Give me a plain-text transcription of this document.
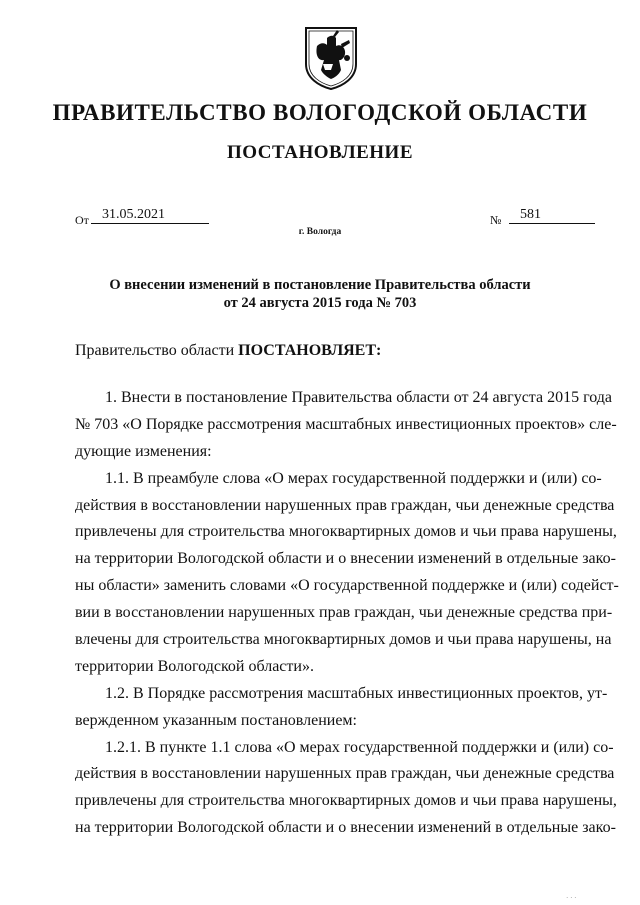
ПРАВИТЕЛЬСТВО ВОЛОГОДСКОЙ ОБЛАСТИ
ПОСТАНОВЛЕНИЕ
От 31.05.2021	№	581
г. Вологда
О внесении изменений в постановление Правительства области
от 24 августа 2015 года № 703
Правительство области ПОСТАНОВЛЯЕТ:
1. Внести в постановление Правительства области от 24 августа 2015 года
№ 703 «О Порядке рассмотрения масштабных инвестиционных проектов» сле-
дующие изменения:
1.1. В преамбуле слова «О мерах государственной поддержки и (или) со-
действия в восстановлении нарушенных прав граждан, чьи денежные средства
привлечены для строительства многоквартирных домов и чьи права нарушены,
на территории Вологодской области и о внесении изменений в отдельные зако-
ны области» заменить словами «О государственной поддержке и (или) содейст-
вии в восстановлении нарушенных прав граждан, чьи денежные средства при-
влечены для строительства многоквартирных домов и чьи права нарушены, на
территории Вологодской области».
1.2. В Порядке рассмотрения масштабных инвестиционных проектов, ут-
вержденном указанным постановлением:
1.2.1. В пункте 1.1 слова «О мерах государственной поддержки и (или) со-
действия в восстановлении нарушенных прав граждан, чьи денежные средства
привлечены для строительства многоквартирных домов и чьи права нарушены,
на территории Вологодской области и о внесении изменений в отдельные зако-
· · ·
